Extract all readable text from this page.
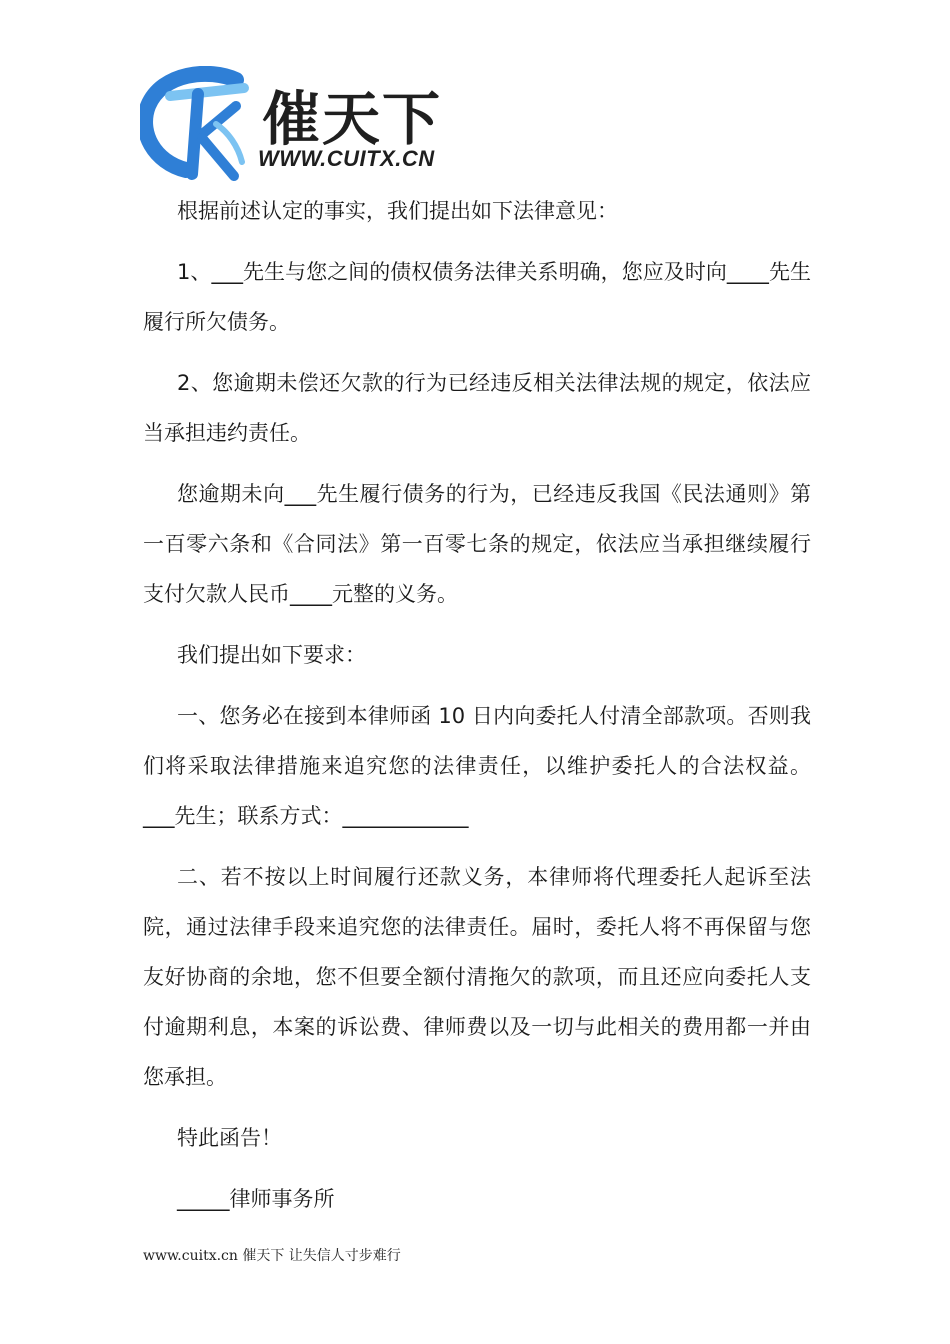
催天下
WWW.CUITX.CN

根据前述认定的事实，我们提出如下法律意见：

1、___先生与您之间的债权债务法律关系明确，您应及时向____先生履行所欠债务。

2、您逾期未偿还欠款的行为已经违反相关法律法规的规定，依法应当承担违约责任。

您逾期未向___先生履行债务的行为，已经违反我国《民法通则》第一百零六条和《合同法》第一百零七条的规定，依法应当承担继续履行支付欠款人民币____元整的义务。

我们提出如下要求：

一、您务必在接到本律师函 10 日内向委托人付清全部款项。否则我们将采取法律措施来追究您的法律责任，以维护委托人的合法权益。 ___先生；联系方式：____________

二、若不按以上时间履行还款义务，本律师将代理委托人起诉至法院，通过法律手段来追究您的法律责任。届时，委托人将不再保留与您友好协商的余地，您不但要全额付清拖欠的款项，而且还应向委托人支付逾期利息，本案的诉讼费、律师费以及一切与此相关的费用都一并由您承担。

特此函告！

_____律师事务所

www.cuitx.cn 催天下 让失信人寸步难行
